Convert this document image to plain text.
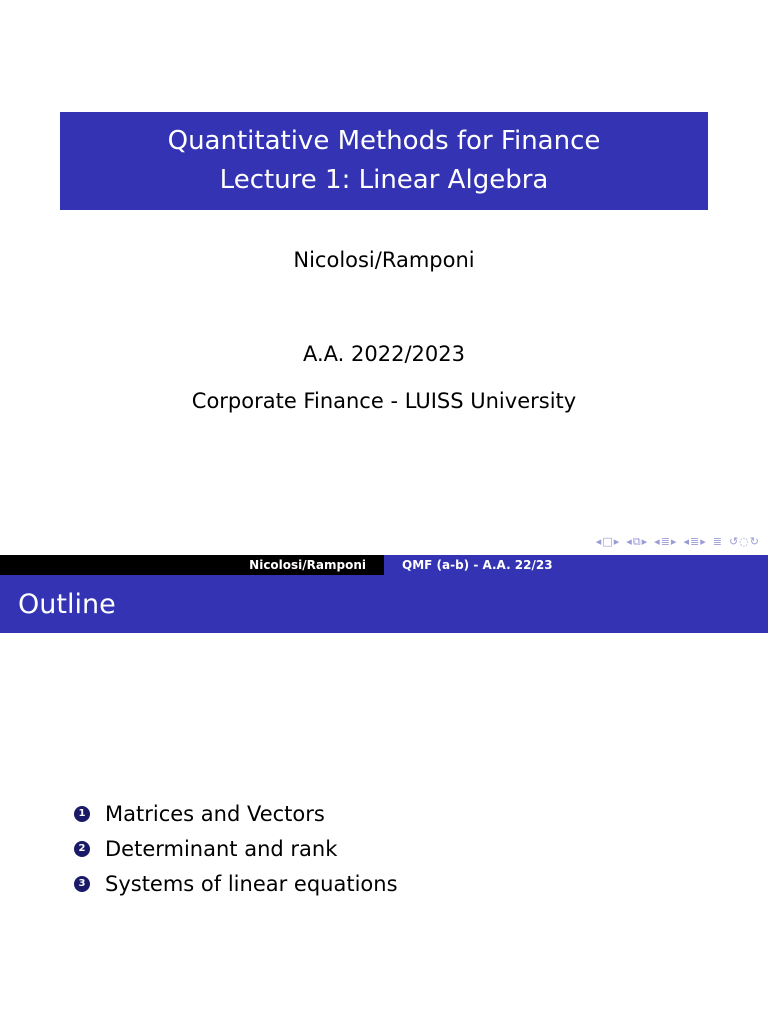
Quantitative Methods for Finance
Lecture 1: Linear Algebra
Nicolosi/Ramponi
A.A. 2022/2023
Corporate Finance - LUISS University
◂□▸ ◂⧉▸ ◂≣▸ ◂≣▸ ≣ ↺◌↻
Nicolosi/Ramponi	QMF (a-b) - A.A. 22/23
Outline
1 Matrices and Vectors
2 Determinant and rank
3 Systems of linear equations
